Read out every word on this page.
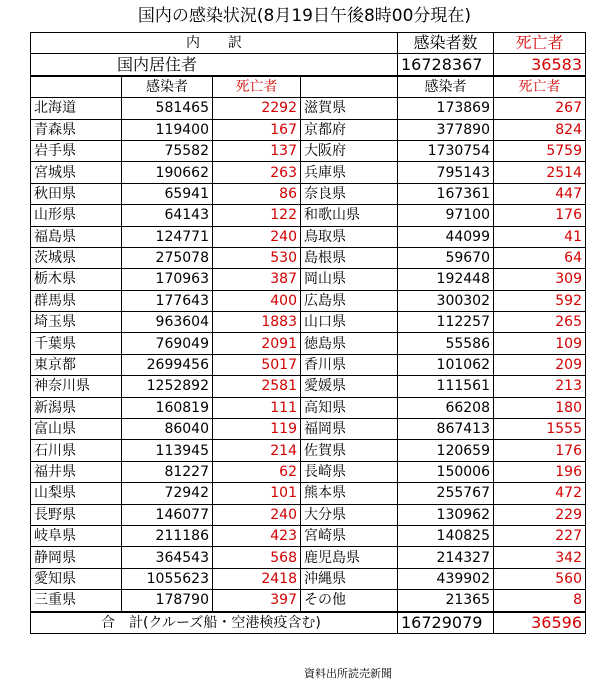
国内の感染状況(8月19日午後8時00分現在)
内　　訳				感染者数	死亡者
国内居住者				16728367	36583
	感染者	死亡者		感染者	死亡者
北海道	581465	2292	滋賀県	173869	267
青森県	119400	167	京都府	377890	824
岩手県	75582	137	大阪府	1730754	5759
宮城県	190662	263	兵庫県	795143	2514
秋田県	65941	86	奈良県	167361	447
山形県	64143	122	和歌山県	97100	176
福島県	124771	240	鳥取県	44099	41
茨城県	275078	530	島根県	59670	64
栃木県	170963	387	岡山県	192448	309
群馬県	177643	400	広島県	300302	592
埼玉県	963604	1883	山口県	112257	265
千葉県	769049	2091	徳島県	55586	109
東京都	2699456	5017	香川県	101062	209
神奈川県	1252892	2581	愛媛県	111561	213
新潟県	160819	111	高知県	66208	180
富山県	86040	119	福岡県	867413	1555
石川県	113945	214	佐賀県	120659	176
福井県	81227	62	長崎県	150006	196
山梨県	72942	101	熊本県	255767	472
長野県	146077	240	大分県	130962	229
岐阜県	211186	423	宮崎県	140825	227
静岡県	364543	568	鹿児島県	214327	342
愛知県	1055623	2418	沖縄県	439902	560
三重県	178790	397	その他	21365	8
合　計(クルーズ船・空港検疫含む)				16729079	36596
資料出所読売新聞
